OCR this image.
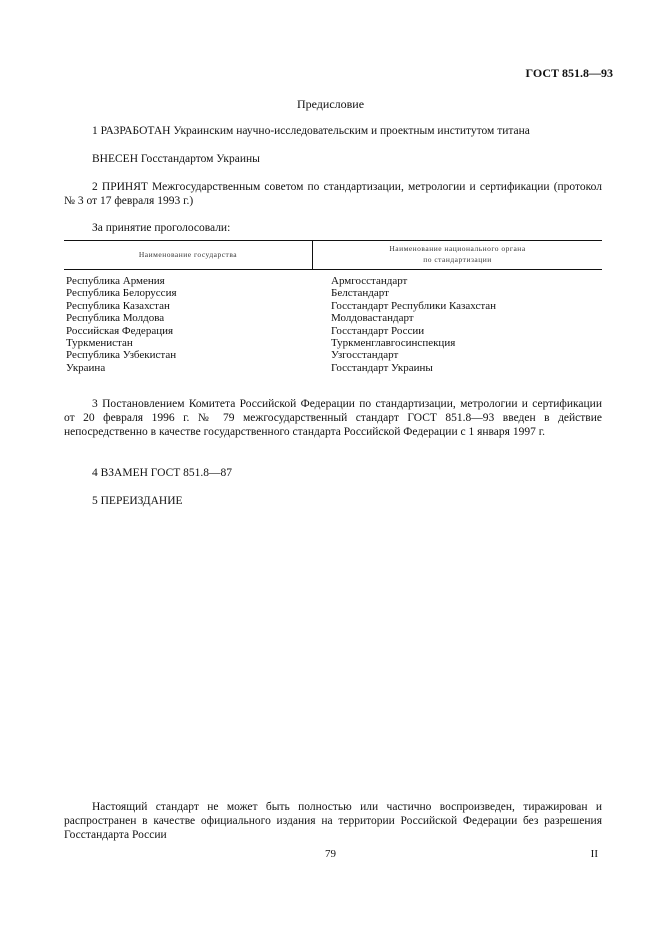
ГОСТ 851.8—93
Предисловие
1 РАЗРАБОТАН Украинским научно-исследовательским и проектным институтом титана
ВНЕСЕН Госстандартом Украины
2 ПРИНЯТ Межгосударственным советом по стандартизации, метрологии и сертификации (протокол № 3 от 17 февраля 1993 г.)
За принятие проголосовали:
Наименование государства
Наименование национального органа
по стандартизации
Республика Армения
Республика Белоруссия
Республика Казахстан
Республика Молдова
Российская Федерация
Туркменистан
Республика Узбекистан
Украина
Армгосстандарт
Белстандарт
Госстандарт Республики Казахстан
Молдовастандарт
Госстандарт России
Туркменглавгосинспекция
Узгосстандарт
Госстандарт Украины
3 Постановлением Комитета Российской Федерации по стандартизации, метрологии и сертификации от 20 февраля 1996 г. № 79 межгосударственный стандарт ГОСТ 851.8—93 введен в действие непосредственно в качестве государственного стандарта Российской Федерации с 1 января 1997 г.
4 ВЗАМЕН ГОСТ 851.8—87
5 ПЕРЕИЗДАНИЕ
Настоящий стандарт не может быть полностью или частично воспроизведен, тиражирован и распространен в качестве официального издания на территории Российской Федерации без разрешения Госстандарта России
79	II
